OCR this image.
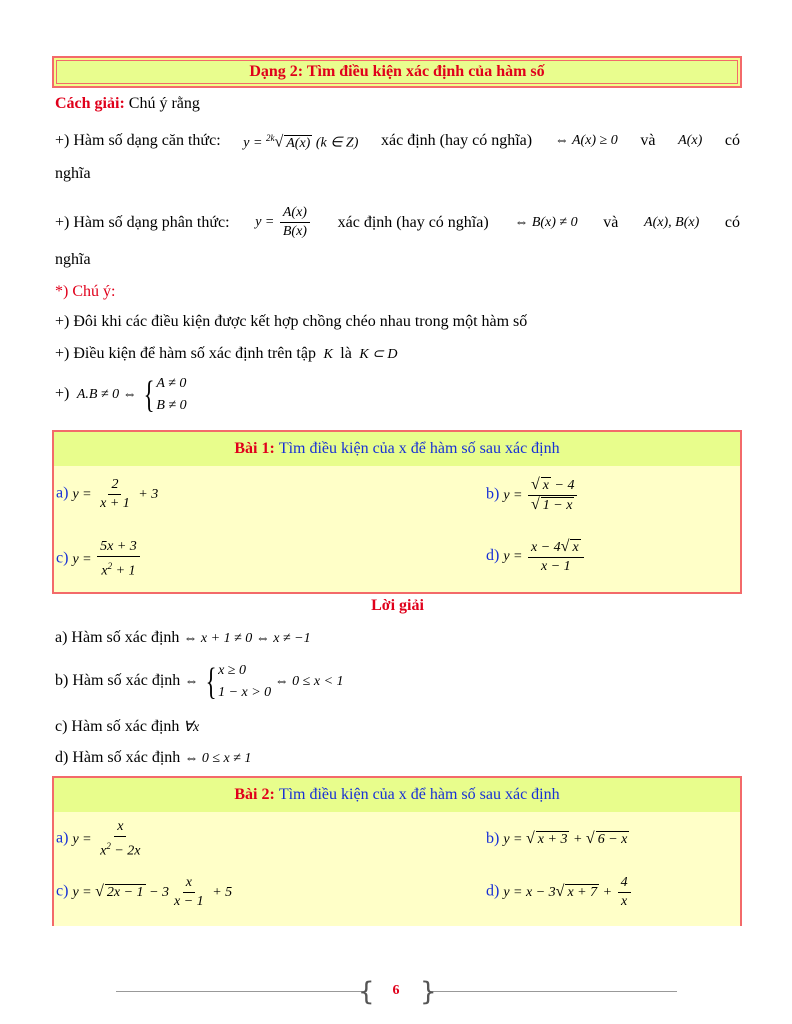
Dạng 2: Tìm điều kiện xác định của hàm số
Cách giải: Chú ý rằng
+) Hàm số dạng căn thức: y = $^{2k}$√ A(x) (k ∈ Z) xác định (hay có nghĩa) ⇔ A(x) ≥ 0 và A(x) có
nghĩa
+) Hàm số dạng phân thức: $y = \frac{A(x)}{B(x)}$ xác định (hay có nghĩa) ⇔ B(x) ≠ 0 và A(x), B(x) có
nghĩa
*) Chú ý:
+) Đôi khi các điều kiện được kết hợp chồng chéo nhau trong một hàm số
+) Điều kiện để hàm số xác định trên tập  K  là  K ⊂ D
+)  A.B ≠ 0 ⇔ { A ≠ 0
B ≠ 0
Bài 1:
Tìm điều kiện của x để hàm số sau xác định
a) $y = \frac{2}{x + 1} + 3$	b) $y = \frac{√ x - 4}{√ 1 - x}$
c) $y = \frac{5x + 3}{x^2 + 1}$	d) $y = \frac{x - 4√ x}{x - 1}$
Lời giải
a) Hàm số xác định ⇔ x + 1 ≠ 0 ⇔ x ≠ −1
b) Hàm số xác định ⇔ { x ≥ 0
1 − x > 0
⇔ 0 ≤ x < 1
c) Hàm số xác định ∀x
d) Hàm số xác định ⇔ 0 ≤ x ≠ 1
Bài 2:
Tìm điều kiện của x để hàm số sau xác định
a) $y = \frac{x}{x^2 - 2x}$	b) y = √ x + 3 + √ 6 − x
c) y = √ $2x - 1 - 3 \frac{x}{x - 1} + 5$	d) y = x − 3√ $x + 7 + \frac{4}{x}$
{ }
6
